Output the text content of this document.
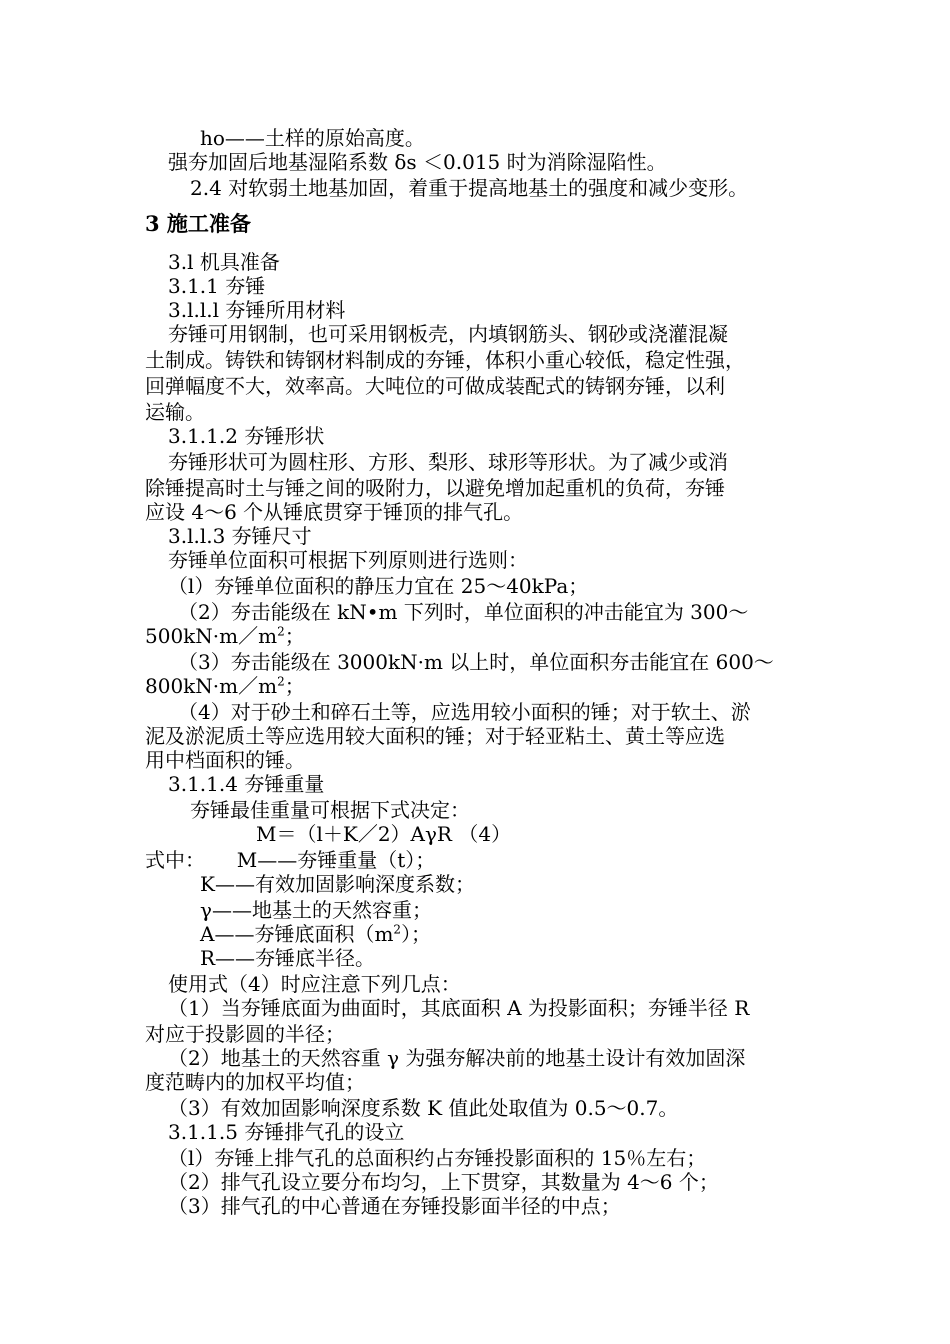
ho——土样的原始高度。
强夯加固后地基湿陷系数 δs ＜0.015 时为消除湿陷性。
2.4 对软弱土地基加固，着重于提高地基土的强度和减少变形。
3 施工准备
3.l 机具准备
3.1.1 夯锤
3.l.l.l 夯锤所用材料
夯锤可用钢制，也可采用钢板壳，内填钢筋头、钢砂或浇灌混凝
土制成。铸铁和铸钢材料制成的夯锤，体积小重心较低，稳定性强，
回弹幅度不大，效率高。大吨位的可做成装配式的铸钢夯锤，以利
运输。
3.1.1.2 夯锤形状
夯锤形状可为圆柱形、方形、梨形、球形等形状。为了减少或消
除锤提高时土与锤之间的吸附力，以避免增加起重机的负荷，夯锤
应设 4～6 个从锤底贯穿于锤顶的排气孔。
3.l.l.3 夯锤尺寸
夯锤单位面积可根据下列原则进行选则：
（l）夯锤单位面积的静压力宜在 25～40kPa；
（2）夯击能级在 kN•m 下列时，单位面积的冲击能宜为 300～
$500kN\cdot m/m^2$；
（3）夯击能级在 3000kN·m 以上时，单位面积夯击能宜在 600～
$800kN\cdot m/m^2$；
（4）对于砂土和碎石土等，应选用较小面积的锤；对于软土、淤
泥及淤泥质土等应选用较大面积的锤；对于轻亚粘土、黄土等应选
用中档面积的锤。
3.1.1.4 夯锤重量
夯锤最佳重量可根据下式决定：
M＝（l＋K／2）AγR （4）
式中：     M——夯锤重量（t）；
K——有效加固影响深度系数；
γ——地基土的天然容重；
A——夯锤底面积$(m^2)$；
R——夯锤底半径。
使用式（4）时应注意下列几点：
（1）当夯锤底面为曲面时，其底面积 A 为投影面积；夯锤半径 R
对应于投影圆的半径；
（2）地基土的天然容重 γ 为强夯解决前的地基土设计有效加固深
度范畴内的加权平均值；
（3）有效加固影响深度系数 K 值此处取值为 0.5～0.7。
3.1.1.5 夯锤排气孔的设立
（l）夯锤上排气孔的总面积约占夯锤投影面积的 15％左右；
（2）排气孔设立要分布均匀，上下贯穿，其数量为 4～6 个；
（3）排气孔的中心普通在夯锤投影面半径的中点；
